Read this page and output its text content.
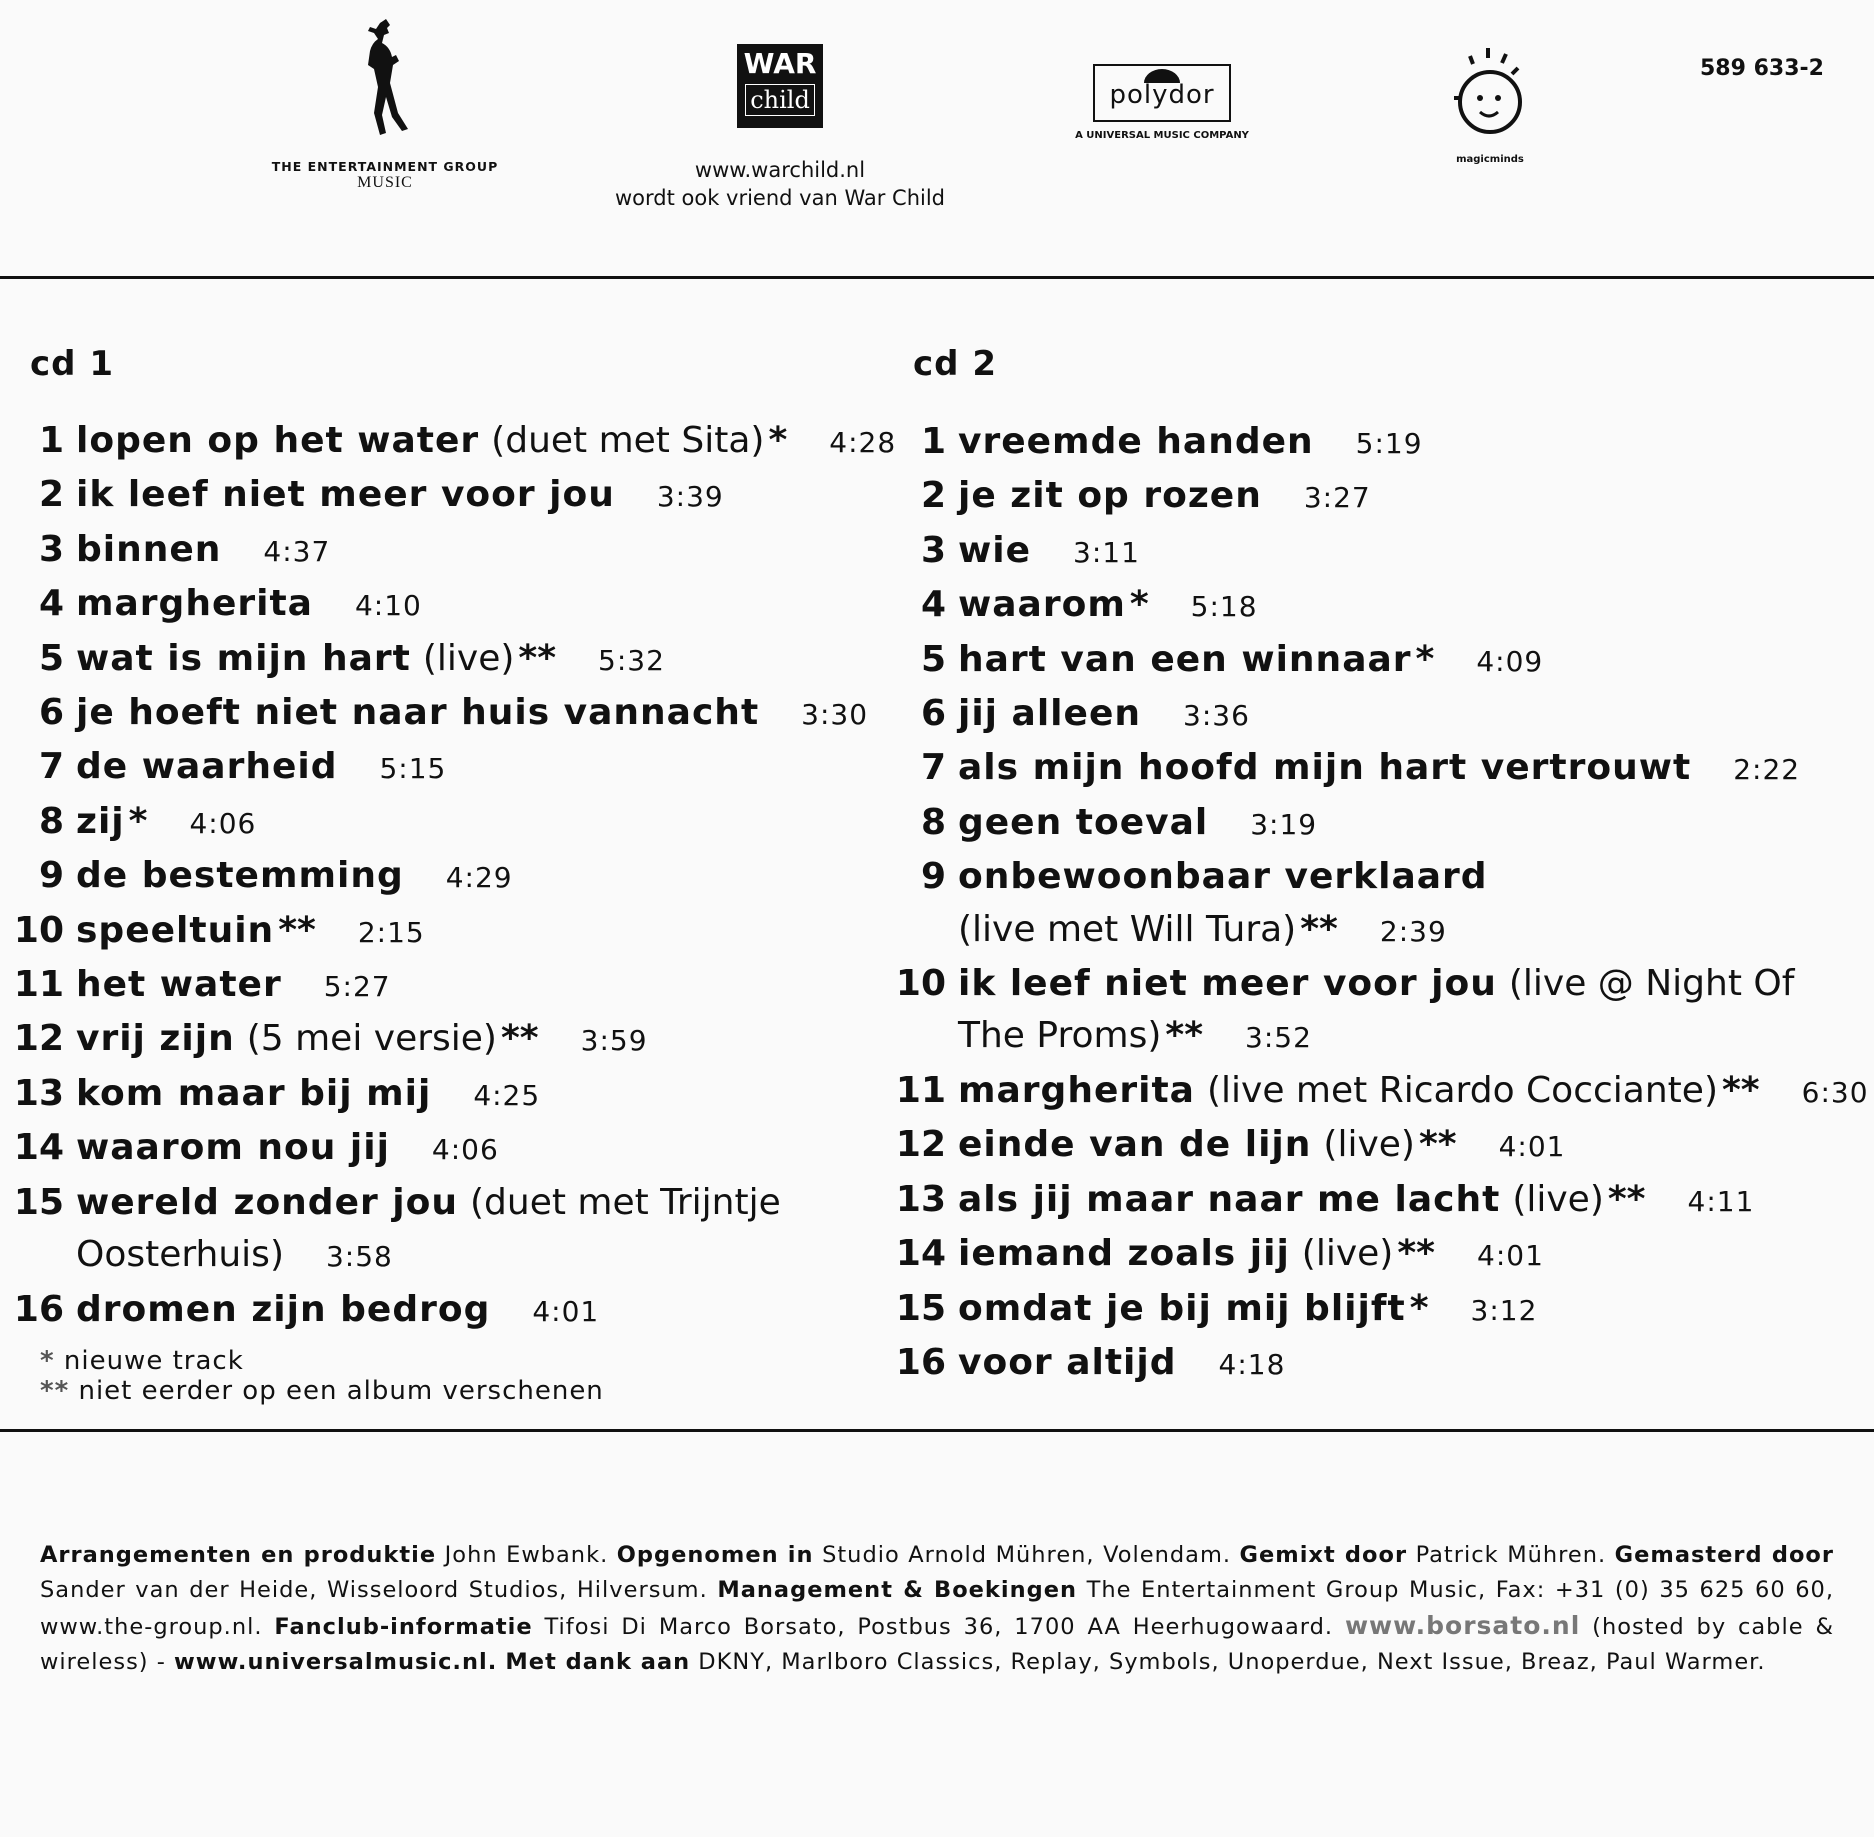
THE ENTERTAINMENT GROUP
MUSIC
WAR
child
www.warchild.nl
wordt ook vriend van War Child
polydor
A UNIVERSAL MUSIC COMPANY
magicminds
589 633-2
cd 1
1 lopen op het water (duet met Sita) * 4:28
2 ik leef niet meer voor jou 3:39
3 binnen 4:37
4 margherita 4:10
5 wat is mijn hart (live) ** 5:32
6 je hoeft niet naar huis vannacht 3:30
7 de waarheid 5:15
8 zij * 4:06
9 de bestemming 4:29
10 speeltuin ** 2:15
11 het water 5:27
12 vrij zijn (5 mei versie) ** 3:59
13 kom maar bij mij 4:25
14 waarom nou jij 4:06
15 wereld zonder jou (duet met Trijntje
Oosterhuis) 3:58
16 dromen zijn bedrog 4:01
cd 2
1 vreemde handen 5:19
2 je zit op rozen 3:27
3 wie 3:11
4 waarom * 5:18
5 hart van een winnaar * 4:09
6 jij alleen 3:36
7 als mijn hoofd mijn hart vertrouwt 2:22
8 geen toeval 3:19
9 onbewoonbaar verklaard
(live met Will Tura) ** 2:39
10 ik leef niet meer voor jou (live @ Night Of
The Proms) ** 3:52
11 margherita (live met Ricardo Cocciante) ** 6:30
12 einde van de lijn (live) ** 4:01
13 als jij maar naar me lacht (live) ** 4:11
14 iemand zoals jij (live) ** 4:01
15 omdat je bij mij blijft * 3:12
16 voor altijd 4:18
* nieuwe track
** niet eerder op een album verschenen
Arrangementen en produktie John Ewbank. Opgenomen in Studio Arnold Mühren, Volendam. Gemixt door Patrick Mühren. Gemasterd door Sander van der Heide, Wisseloord Studios, Hilversum. Management & Boekingen The Entertainment Group Music, Fax: +31 (0) 35 625 60 60, www.the-group.nl. Fanclub-informatie Tifosi Di Marco Borsato, Postbus 36, 1700 AA Heerhugowaard. www.borsato.nl (hosted by cable & wireless) - www.universalmusic.nl. Met dank aan DKNY, Marlboro Classics, Replay, Symbols, Unoperdue, Next Issue, Breaz, Paul Warmer.
